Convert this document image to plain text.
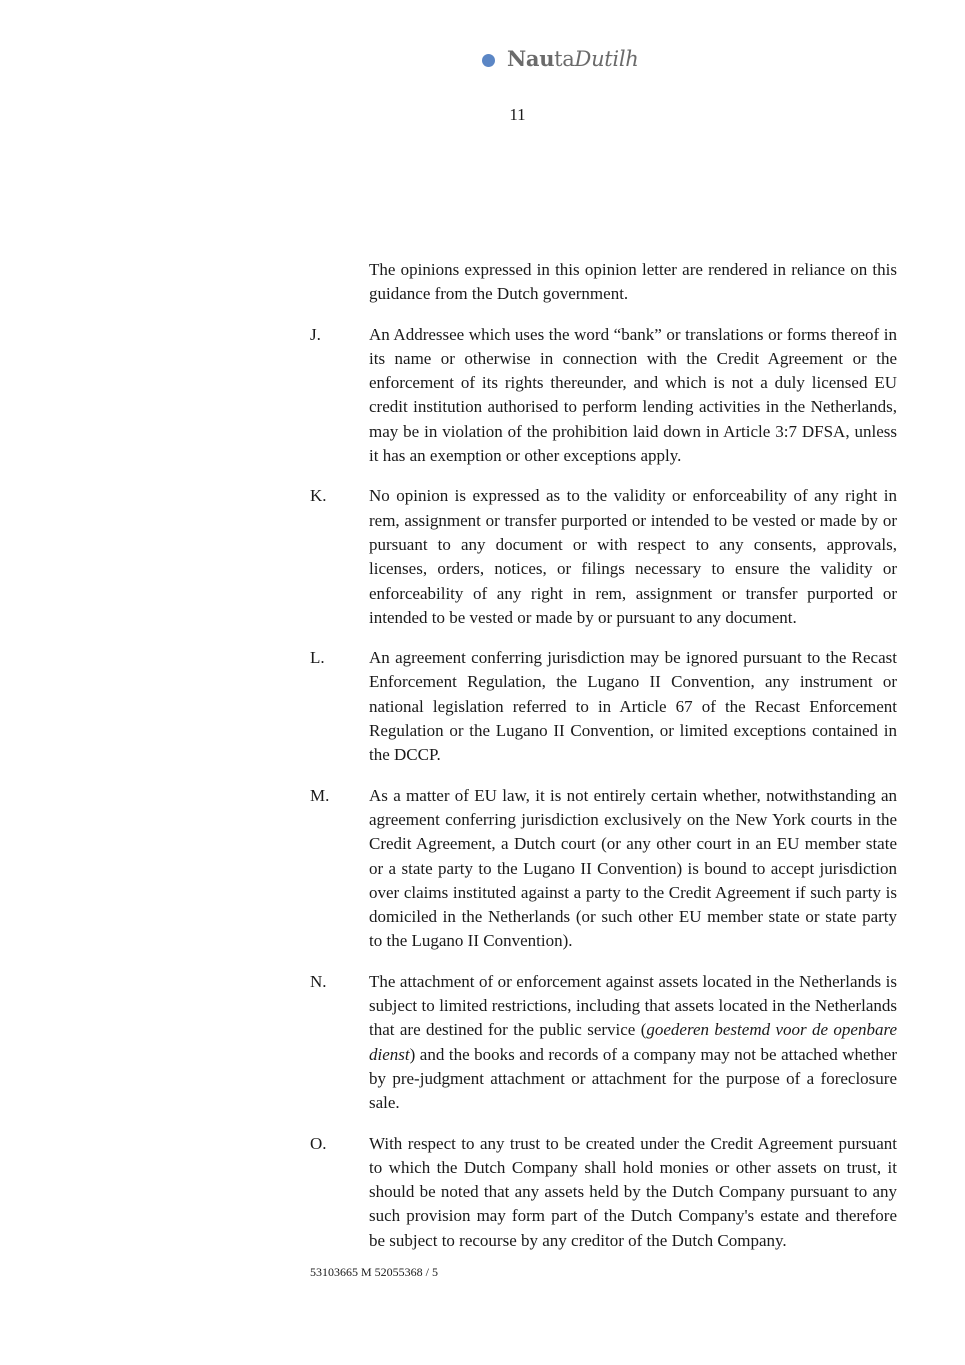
NautaDutilh
11

The opinions expressed in this opinion letter are rendered in reliance on this guidance from the Dutch government.

J.	An Addressee which uses the word “bank” or translations or forms thereof in its name or otherwise in connection with the Credit Agreement or the enforcement of its rights thereunder, and which is not a duly licensed EU credit institution authorised to perform lending activities in the Netherlands, may be in violation of the prohibition laid down in Article 3:7 DFSA, unless it has an exemption or other exceptions apply.
K.	No opinion is expressed as to the validity or enforceability of any right in rem, assignment or transfer purported or intended to be vested or made by or pursuant to any document or with respect to any consents, approvals, licenses, orders, notices, or filings necessary to ensure the validity or enforceability of any right in rem, assignment or transfer purported or intended to be vested or made by or pursuant to any document.
L.	An agreement conferring jurisdiction may be ignored pursuant to the Recast Enforcement Regulation, the Lugano II Convention, any instrument or national legislation referred to in Article 67 of the Recast Enforcement Regulation or the Lugano II Convention, or limited exceptions contained in the DCCP.
M.	As a matter of EU law, it is not entirely certain whether, notwithstanding an agreement conferring jurisdiction exclusively on the New York courts in the Credit Agreement, a Dutch court (or any other court in an EU member state or a state party to the Lugano II Convention) is bound to accept jurisdiction over claims instituted against a party to the Credit Agreement if such party is domiciled in the Netherlands (or such other EU member state or state party to the Lugano II Convention).
N.	The attachment of or enforcement against assets located in the Netherlands is subject to limited restrictions, including that assets located in the Netherlands that are destined for the public service (goederen bestemd voor de openbare dienst) and the books and records of a company may not be attached whether by pre-judgment attachment or attachment for the purpose of a foreclosure sale.
O.	With respect to any trust to be created under the Credit Agreement pursuant to which the Dutch Company shall hold monies or other assets on trust, it should be noted that any assets held by the Dutch Company pursuant to any such provision may form part of the Dutch Company's estate and therefore be subject to recourse by any creditor of the Dutch Company.
53103665 M 52055368 / 5
